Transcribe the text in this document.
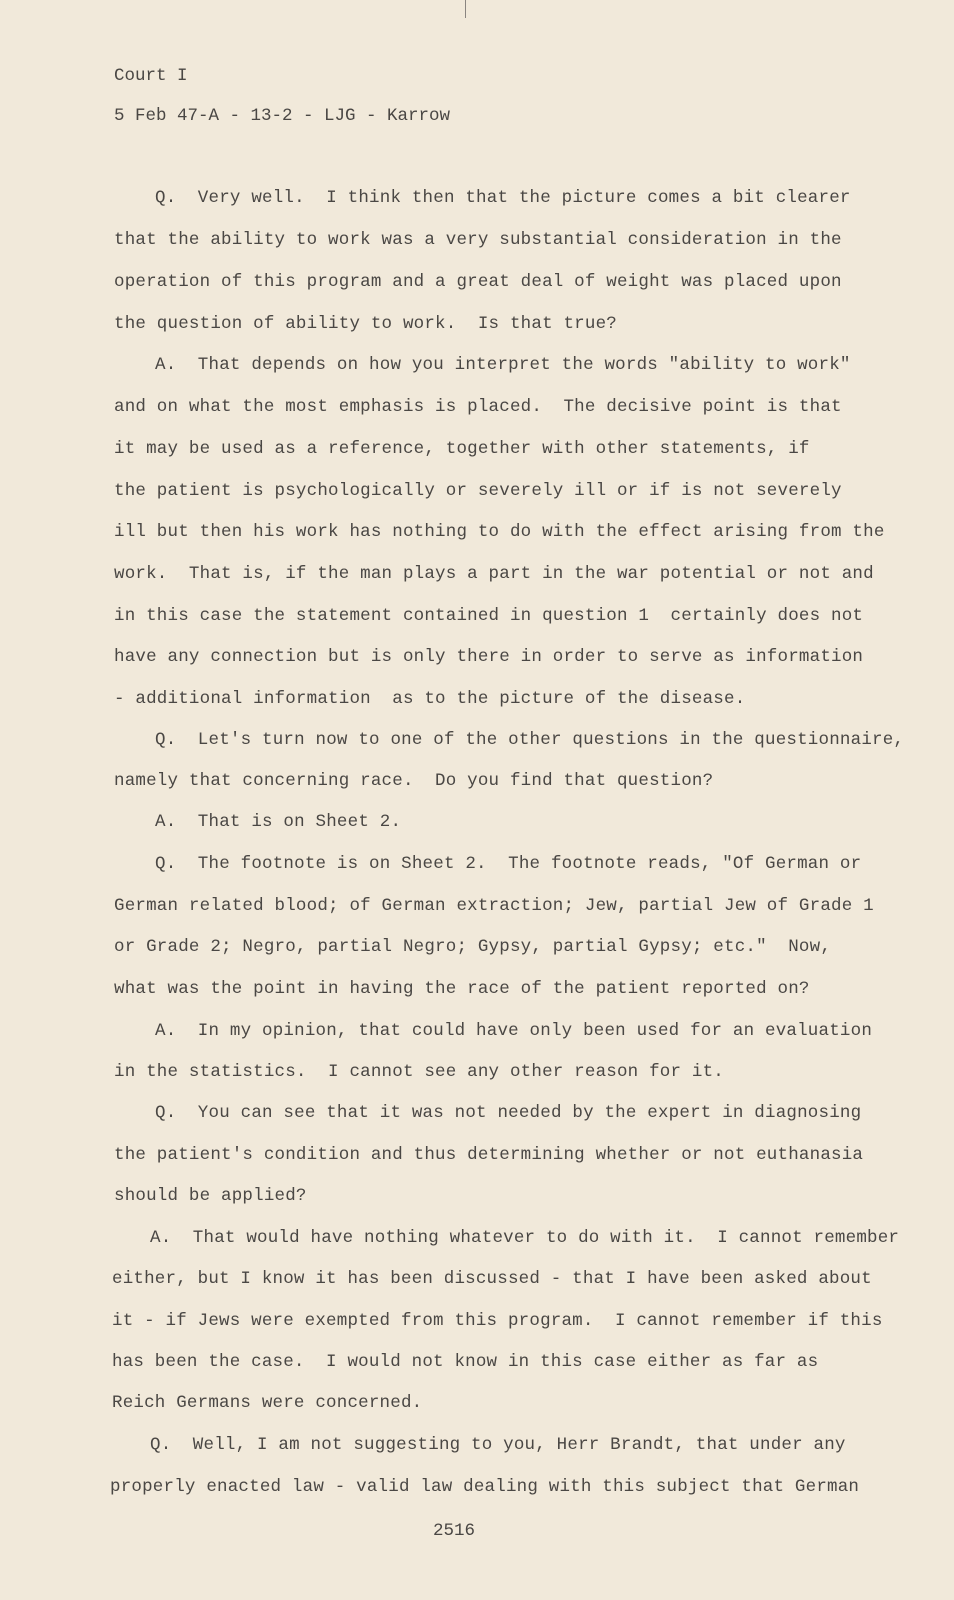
Court I
5 Feb 47-A - 13-2 - LJG - Karrow
Q.  Very well.  I think then that the picture comes a bit clearer
that the ability to work was a very substantial consideration in the
operation of this program and a great deal of weight was placed upon
the question of ability to work.  Is that true?
A.  That depends on how you interpret the words "ability to work"
and on what the most emphasis is placed.  The decisive point is that
it may be used as a reference, together with other statements, if
the patient is psychologically or severely ill or if is not severely
ill but then his work has nothing to do with the effect arising from the
work.  That is, if the man plays a part in the war potential or not and
in this case the statement contained in question 1  certainly does not
have any connection but is only there in order to serve as information
- additional information  as to the picture of the disease.
Q.  Let's turn now to one of the other questions in the questionnaire,
namely that concerning race.  Do you find that question?
A.  That is on Sheet 2.
Q.  The footnote is on Sheet 2.  The footnote reads, "Of German or
German related blood; of German extraction; Jew, partial Jew of Grade 1
or Grade 2; Negro, partial Negro; Gypsy, partial Gypsy; etc."  Now,
what was the point in having the race of the patient reported on?
A.  In my opinion, that could have only been used for an evaluation
in the statistics.  I cannot see any other reason for it.
Q.  You can see that it was not needed by the expert in diagnosing
the patient's condition and thus determining whether or not euthanasia
should be applied?
A.  That would have nothing whatever to do with it.  I cannot remember
either, but I know it has been discussed - that I have been asked about
it - if Jews were exempted from this program.  I cannot remember if this
has been the case.  I would not know in this case either as far as
Reich Germans were concerned.
Q.  Well, I am not suggesting to you, Herr Brandt, that under any
properly enacted law - valid law dealing with this subject that German
2516
